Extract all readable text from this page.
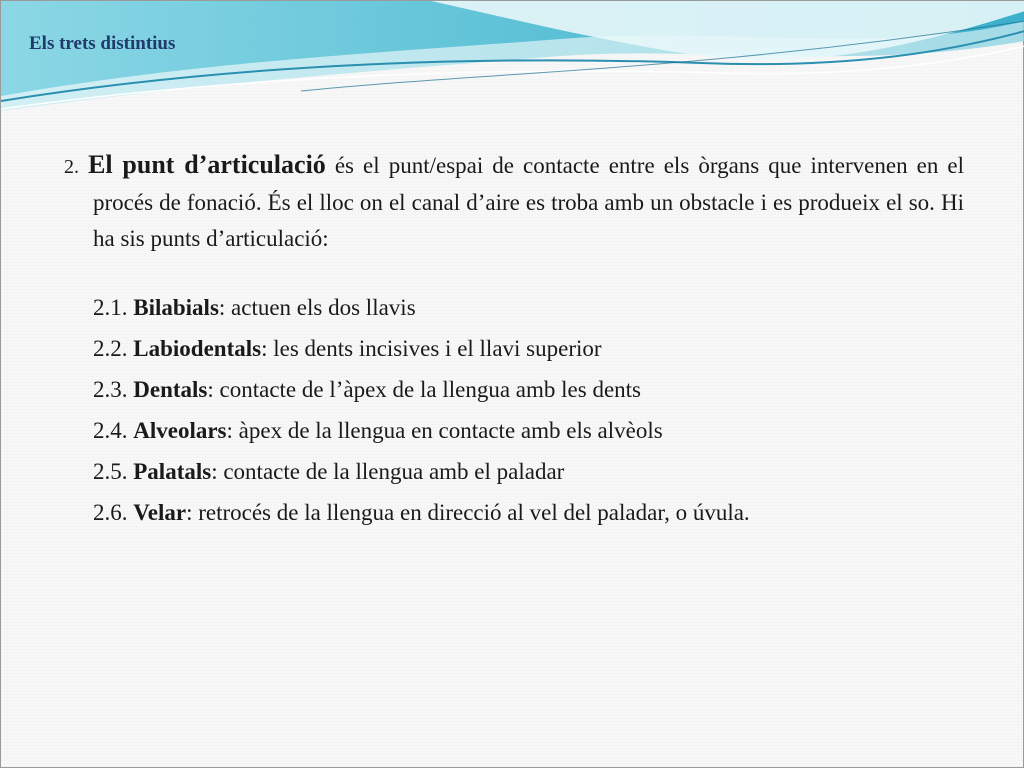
Els trets distintius

2. El punt d’articulació és el punt/espai de contacte entre els òrgans que intervenen en el procés de fonació. És el lloc on el canal d’aire es troba amb un obstacle i es produeix el so. Hi ha sis punts d’articulació:

2.1. Bilabials: actuen els dos llavis
2.2. Labiodentals: les dents incisives i el llavi superior
2.3. Dentals: contacte de l’àpex de la llengua amb les dents
2.4. Alveolars: àpex de la llengua en contacte amb els alvèols
2.5. Palatals: contacte de la llengua amb el paladar
2.6. Velar: retrocés de la llengua en direcció al vel del paladar, o úvula.
